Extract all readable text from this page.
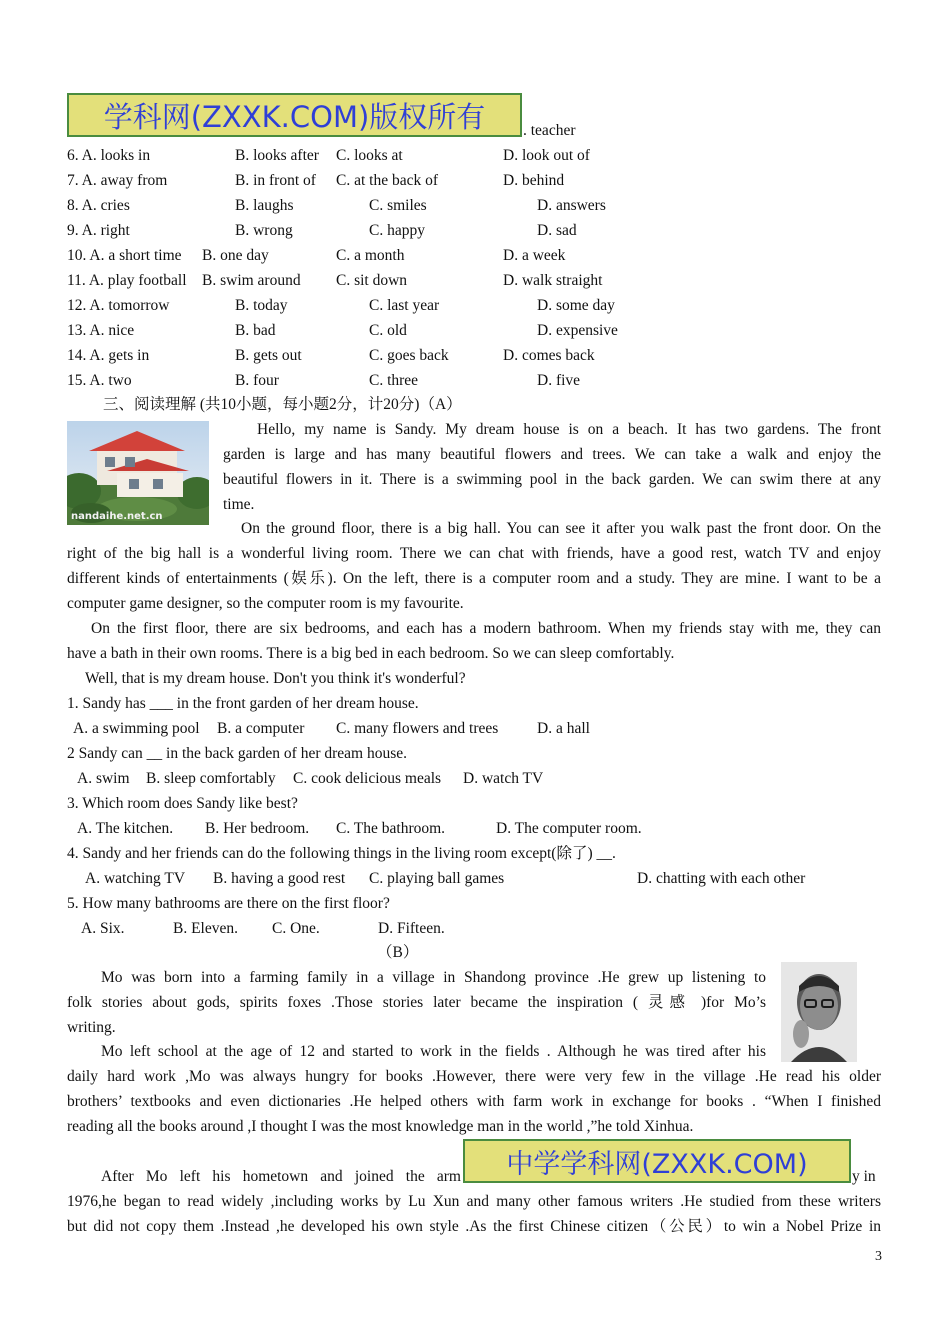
学科网(ZXXK.COM)版权所有 . teacher
6. A. looks in	B. looks after C. looks at	D. look out of
7. A. away from	B. in front of C. at the back of	D. behind
8. A. cries	B. laughs	C. smiles	D. answers
9. A. right	B. wrong	C. happy	D. sad
10. A. a short time B. one day	C. a month	D. a week
11. A. play football B. swim around C. sit down	D. walk straight
12. A. tomorrow	B. today	C. last year	D. some day
13. A. nice	B. bad	C. old	D. expensive
14. A. gets in	B. gets out	C. goes back	D. comes back
15. A. two	B. four	C. three	D. five
三、阅读理解 (共10小题，每小题2分，计20分)（A）
nandaihe.net.cn
Hello, my name is Sandy. My dream house is on a beach. It has two gardens. The front
garden is large and has many beautiful flowers and trees. We can take a walk and enjoy the
beautiful flowers in it. There is a swimming pool in the back garden. We can swim there at any
time.
On the ground floor, there is a big hall. You can see it after you walk past the front door. On the
right of the big hall is a wonderful living room. There we can chat with friends, have a good rest, watch TV and enjoy
different kinds of entertainments (娱乐). On the left, there is a computer room and a study. They are mine. I want to be a
computer game designer, so the computer room is my favourite.
On the first floor, there are six bedrooms, and each has a modern bathroom. When my friends stay with me, they can
have a bath in their own rooms. There is a big bed in each bedroom. So we can sleep comfortably.
Well, that is my dream house. Don't you think it's wonderful?
1. Sandy has ___ in the front garden of her dream house.
A. a swimming pool B. a computer C. many flowers and trees D. a hall
2 Sandy can __ in the back garden of her dream house.
A. swim B. sleep comfortably C. cook delicious meals D. watch TV
3. Which room does Sandy like best?
A. The kitchen. B. Her bedroom. C. The bathroom.	D. The computer room.
4. Sandy and her friends can do the following things in the living room except(除了) __.
A. watching TV B. having a good rest C. playing ball games	D. chatting with each other
5. How many bathrooms are there on the first floor?
A. Six.	B. Eleven. C. One.	D. Fifteen.
（B）
Mo was born into a farming family in a village in Shandong province .He grew up listening to
folk stories about gods, spirits foxes .Those stories later became the inspiration ( 灵感 )for Mo’s
writing.
Mo left school at the age of 12 and started to work in the fields . Although he was tired after his
daily hard work ,Mo was always hungry for books .However, there were very few in the village .He read his older
brothers’ textbooks and even dictionaries .He helped others with farm work in exchange for books . “When I finished
reading all the books around ,I thought I was the most knowledge man in the world ,”he told Xinhua.
After Mo left his hometown and joined the arm	y in
1976,he began to read widely ,including works by Lu Xun and many other famous writers .He studied from these writers
but did not copy them .Instead ,he developed his own style .As the first Chinese citizen（公民）to win a Nobel Prize in
中学学科网(ZXXK.COM)
3
